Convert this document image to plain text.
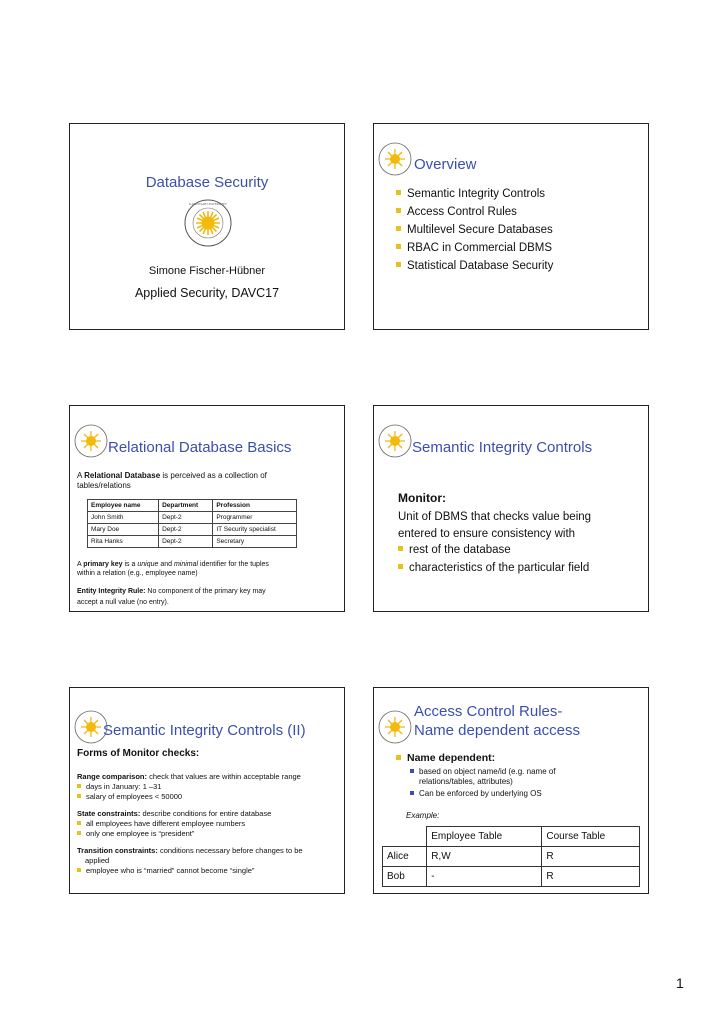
Database Security
KARLSTADS UNIVERSITET
Simone Fischer-Hübner
Applied Security, DAVC17
Overview
Semantic Integrity Controls
Access Control Rules
Multilevel Secure Databases
RBAC in Commercial DBMS
Statistical Database Security
Relational Database Basics
A Relational Database is perceived as a collection of
tables/relations
Employee name	Department	Profession
John Smith	Dept-2	Programmer
Mary Doe	Dept-2	IT Security specialist
Rita Hanks	Dept-2	Secretary
A primary key is a unique and minimal identifier for the tuples
within a relation (e.g., employee name)
Entity Integrity Rule: No component of the primary key may
accept a null value (no entry).
Semantic Integrity Controls
Monitor:
Unit of DBMS that checks value being
entered to ensure consistency with
rest of the database
characteristics of the particular field
Semantic Integrity Controls (II)
Forms of Monitor checks:
Range comparison: check that values are within acceptable range
days in January: 1 –31
salary of employees < 50000
State constraints: describe conditions for entire database
all employees have different employee numbers
only one employee is “president”
Transition constraints: conditions necessary before changes to be
applied
employee who is “married” cannot become “single”
Access Control Rules-
Name dependent access
Name dependent:
based on object name/id (e.g. name of
relations/tables, attributes)
Can be enforced by underlying OS
Example:
	Employee Table	Course Table
Alice	R,W	R
Bob	-	R
1
